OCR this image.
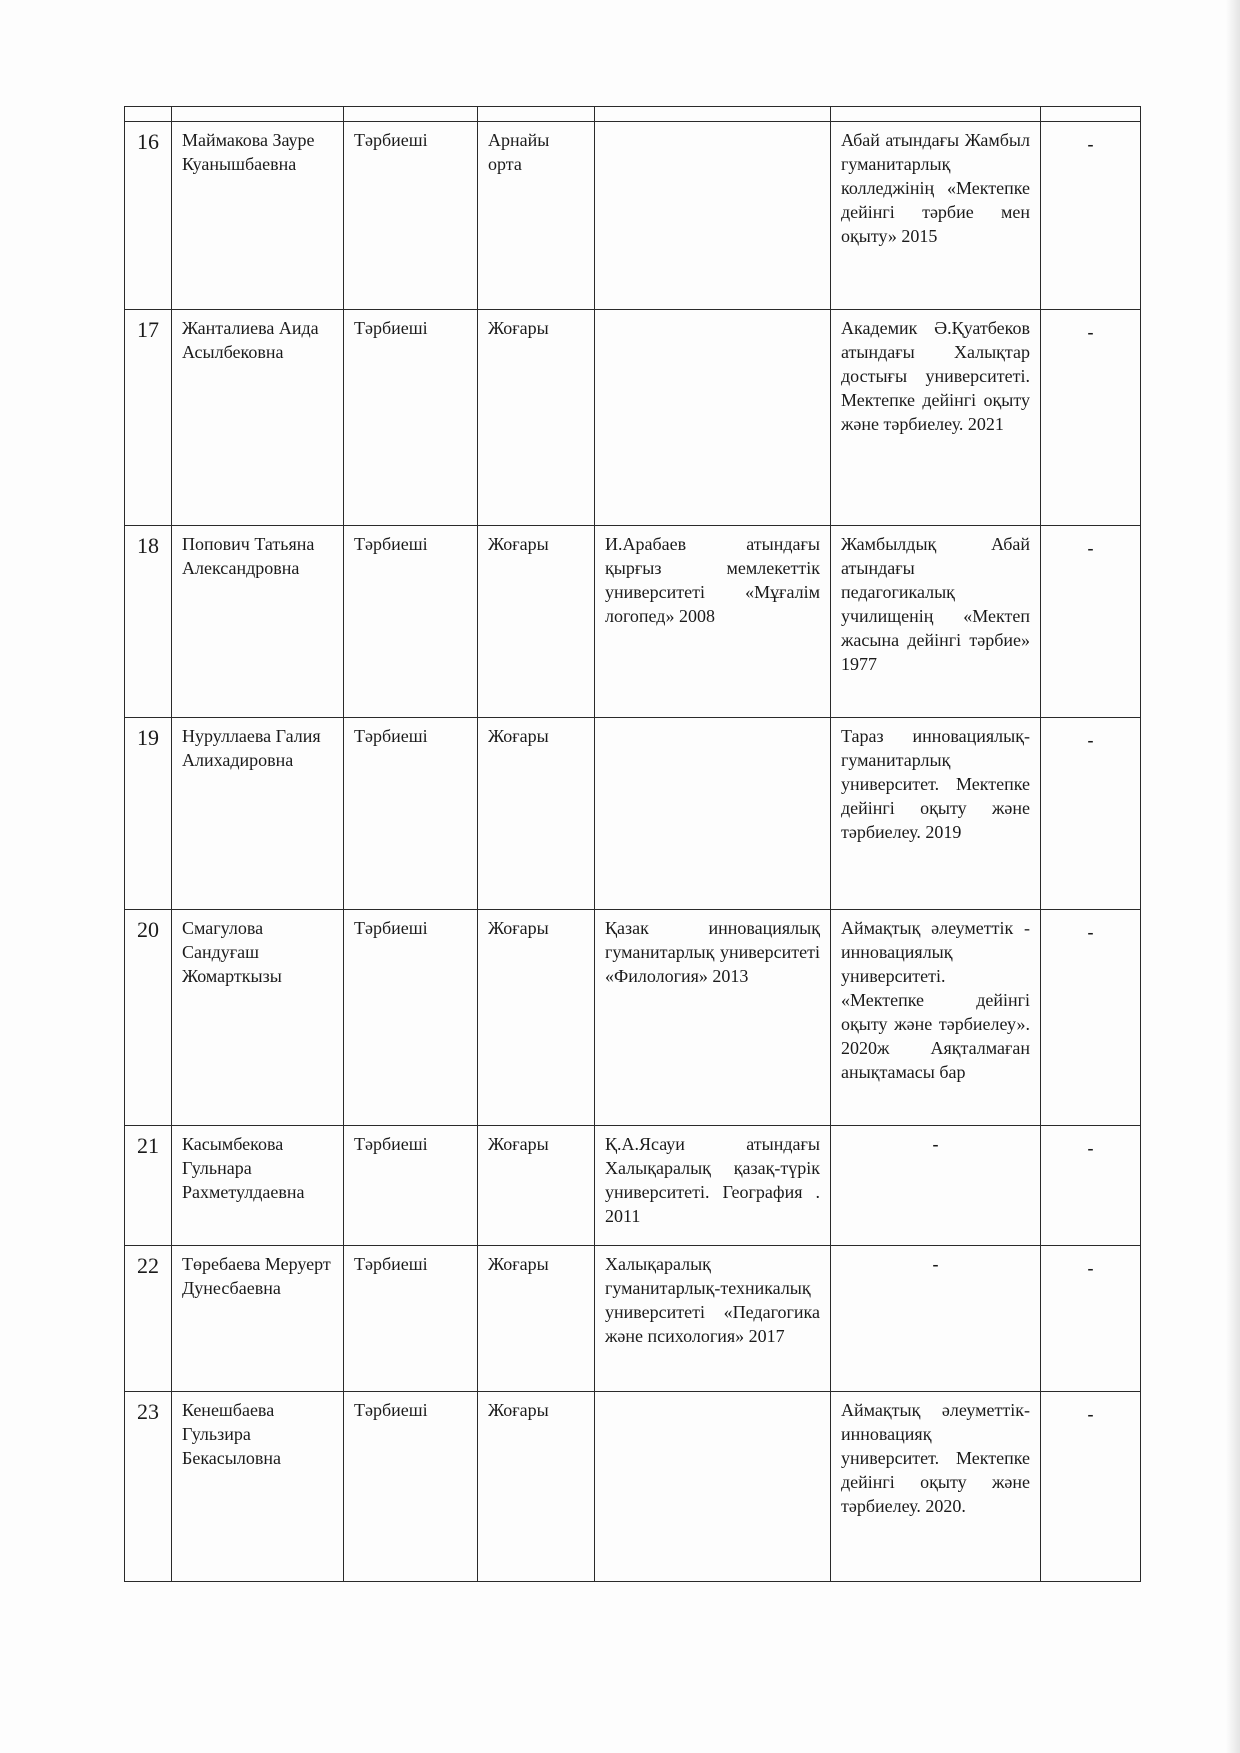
16	Маймакова Зауре Куанышбаевна	Тәрбиеші	Арнайы орта		Абай атындағы Жамбыл гуманитарлық колледжінің «Мектепке дейінгі тәрбие мен оқыту» 2015	-
17	Жанталиева Аида Асылбековна	Тәрбиеші	Жоғары		Академик Ә.Қуатбеков атындағы Халықтар достығы университеті. Мектепке дейінгі оқыту және тәрбиелеу. 2021	-
18	Попович Татьяна Александровна	Тәрбиеші	Жоғары	И.Арабаев атындағы қырғыз мемлекеттік университеті «Мұғалім логопед» 2008	Жамбылдық Абай атындағы педагогикалық училищенің «Мектеп жасына дейінгі тәрбие» 1977	-
19	Нуруллаева Галия Алихадировна	Тәрбиеші	Жоғары		Тараз инновациялық-гуманитарлық университет. Мектепке дейінгі оқыту және тәрбиелеу. 2019	-
20	Смагулова Сандуғаш Жомарткызы	Тәрбиеші	Жоғары	Қазак инновациялық гуманитарлық университеті «Филология» 2013	Аймақтық әлеуметтік - инновациялық университеті. «Мектепке дейінгі оқыту және тәрбиелеу». 2020ж Аяқталмаған анықтамасы бар	-
21	Касымбекова Гульнара Рахметулдаевна	Тәрбиеші	Жоғары	Қ.А.Ясауи атындағы Халықаралық қазақ-түрік университеті. География . 2011	-	-
22	Төребаева Меруерт Дунесбаевна	Тәрбиеші	Жоғары	Халықаралық гуманитарлық-техникалық университеті «Педагогика және психология» 2017	-	-
23	Кенешбаева Гульзира Бекасыловна	Тәрбиеші	Жоғары		Аймақтық әлеуметтік-инновацияқ университет. Мектепке дейінгі оқыту және тәрбиелеу. 2020.	-
